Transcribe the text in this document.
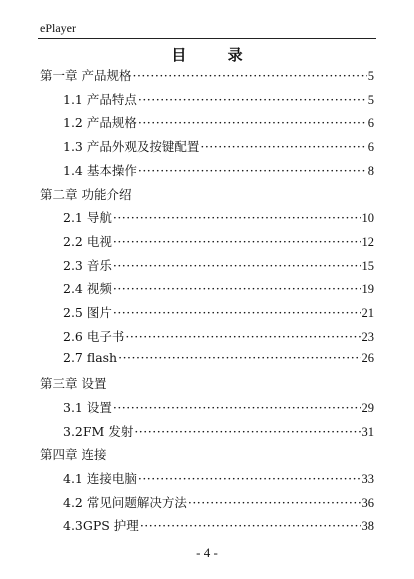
ePlayer
目 录
第一章 产品规格 ·····	5
1.1 产品特点 ·····	5
1.2 产品规格 ·····	6
1.3 产品外观及按键配置 ·····	6
1.4 基本操作 ·····	8
第二章 功能介绍
2.1 导航 ·····	10
2.2 电视 ·····	12
2.3 音乐 ·····	15
2.4 视频 ·····	19
2.5 图片 ·····	21
2.6 电子书 ·····	23
2.7 flash ·····	26
第三章 设置
3.1 设置 ·····	29
3.2FM 发射 ·····	31
第四章 连接
4.1 连接电脑 ·····	33
4.2 常见问题解决方法 ·····	36
4.3GPS 护理 ·····	38
- 4 -
